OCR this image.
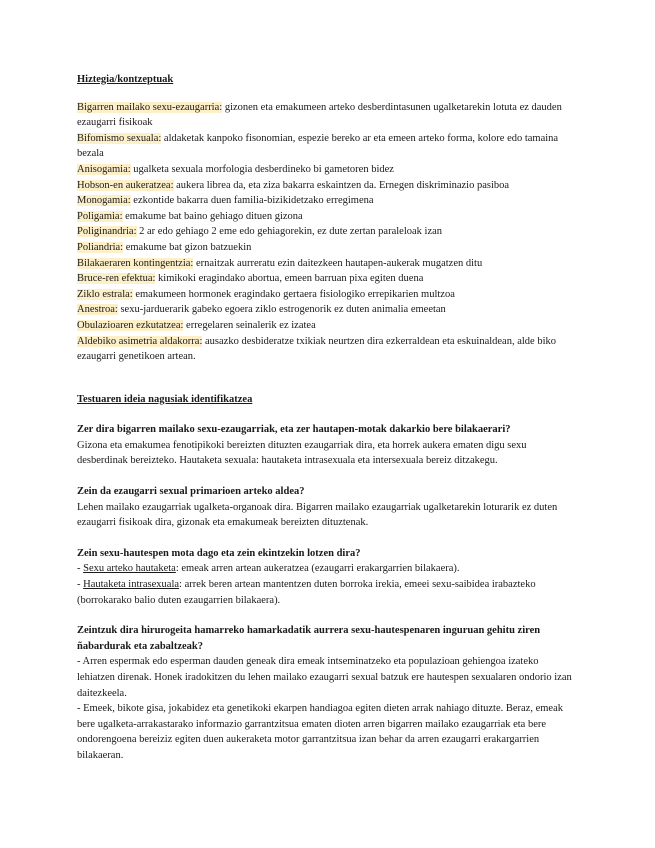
Hiztegia/kontzeptuak

Bigarren mailako sexu-ezaugarria: gizonen eta emakumeen arteko desberdintasunen ugalketarekin lotuta ez dauden ezaugarri fisikoak

Bifomismo sexuala: aldaketak kanpoko fisonomian, espezie bereko ar eta emeen arteko forma, kolore edo tamaina bezala

Anisogamia: ugalketa sexuala morfologia desberdineko bi gametoren bidez

Hobson-en aukeratzea: aukera librea da, eta ziza bakarra eskaintzen da. Ernegen diskriminazio pasiboa

Monogamia: ezkontide bakarra duen familia-bizikidetzako erregimena

Poligamia: emakume bat baino gehiago dituen gizona

Poliginandria: 2 ar edo gehiago 2 eme edo gehiagorekin, ez dute zertan paraleloak izan

Poliandria: emakume bat gizon batzuekin

Bilakaeraren kontingentzia: ernaitzak aurreratu ezin daitezkeen hautapen-aukerak mugatzen ditu

Bruce-ren efektua: kimikoki eragindako abortua, emeen barruan pixa egiten duena

Ziklo estrala: emakumeen hormonek eragindako gertaera fisiologiko errepikarien multzoa

Anestroa: sexu-jarduerarik gabeko egoera ziklo estrogenorik ez duten animalia emeetan

Obulazioaren ezkutatzea: erregelaren seinalerik ez izatea

Aldebiko asimetria aldakorra: ausazko desbideratze txikiak neurtzen dira ezkerraldean eta eskuinaldean, alde biko ezaugarri genetikoen artean.

Testuaren ideia nagusiak identifikatzea

Zer dira bigarren mailako sexu-ezaugarriak, eta zer hautapen-motak dakarkio bere bilakaerari?

Gizona eta emakumea fenotipikoki bereizten dituzten ezaugarriak dira, eta horrek aukera ematen digu sexu desberdinak bereizteko. Hautaketa sexuala: hautaketa intrasexuala eta intersexuala bereiz ditzakegu.

Zein da ezaugarri sexual primarioen arteko aldea?

Lehen mailako ezaugarriak ugalketa-organoak dira. Bigarren mailako ezaugarriak ugalketarekin loturarik ez duten ezaugarri fisikoak dira, gizonak eta emakumeak bereizten dituztenak.

Zein sexu-hautespen mota dago eta zein ekintzekin lotzen dira?

- Sexu arteko hautaketa: emeak arren artean aukeratzea (ezaugarri erakargarrien bilakaera).

- Hautaketa intrasexuala: arrek beren artean mantentzen duten borroka irekia, emeei sexu-saibidea irabazteko (borrokarako balio duten ezaugarrien bilakaera).

Zeintzuk dira hirurogeita hamarreko hamarkadatik aurrera sexu-hautespenaren inguruan gehitu ziren ñabardurak eta zabaltzeak?

- Arren espermak edo esperman dauden geneak dira emeak intseminatzeko eta populazioan gehiengoa izateko lehiatzen direnak. Honek iradokitzen du lehen mailako ezaugarri sexual batzuk ere hautespen sexualaren ondorio izan daitezkeela.

- Emeek, bikote gisa, jokabidez eta genetikoki ekarpen handiagoa egiten dieten arrak nahiago dituzte. Beraz, emeak bere ugalketa-arrakastarako informazio garrantzitsua ematen dioten arren bigarren mailako ezaugarriak eta bere ondorengoena bereiziz egiten duen aukeraketa motor garrantzitsua izan behar da arren ezaugarri erakargarrien bilakaeran.
